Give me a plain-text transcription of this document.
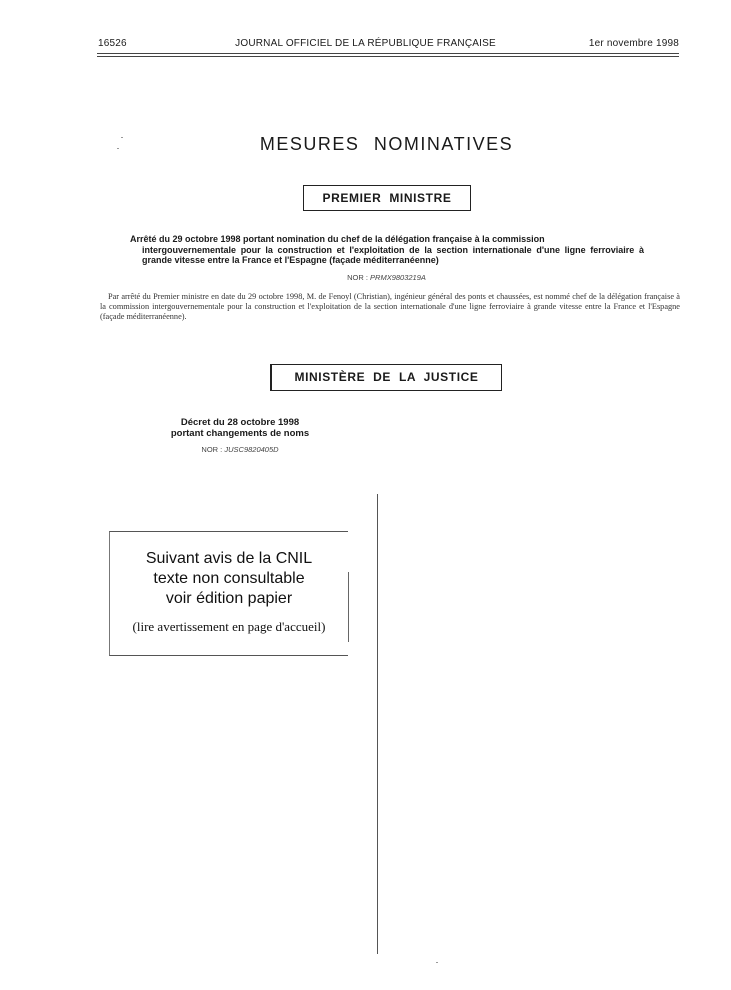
16526	JOURNAL OFFICIEL DE LA RÉPUBLIQUE FRANÇAISE	1er novembre 1998
MESURES NOMINATIVES
PREMIER MINISTRE
Arrêté du 29 octobre 1998 portant nomination du chef de la délégation française à la commission
intergouvernementale pour la construction et l'exploitation de la section internationale d'une ligne ferroviaire à grande vitesse entre la France et l'Espagne (façade méditerranéenne)
NOR : PRMX9803219A
Par arrêté du Premier ministre en date du 29 octobre 1998, M. de Fenoyl (Christian), ingénieur général des ponts et chaussées, est nommé chef de la délégation française à la commission intergouvernementale pour la construction et l'exploitation de la section internationale d'une ligne ferroviaire à grande vitesse entre la France et l'Espagne (façade méditerranéenne).
MINISTÈRE DE LA JUSTICE
Décret du 28 octobre 1998
portant changements de noms
NOR : JUSC9820405D
Suivant avis de la CNIL
texte non consultable
voir édition papier
(lire avertissement en page d'accueil)
